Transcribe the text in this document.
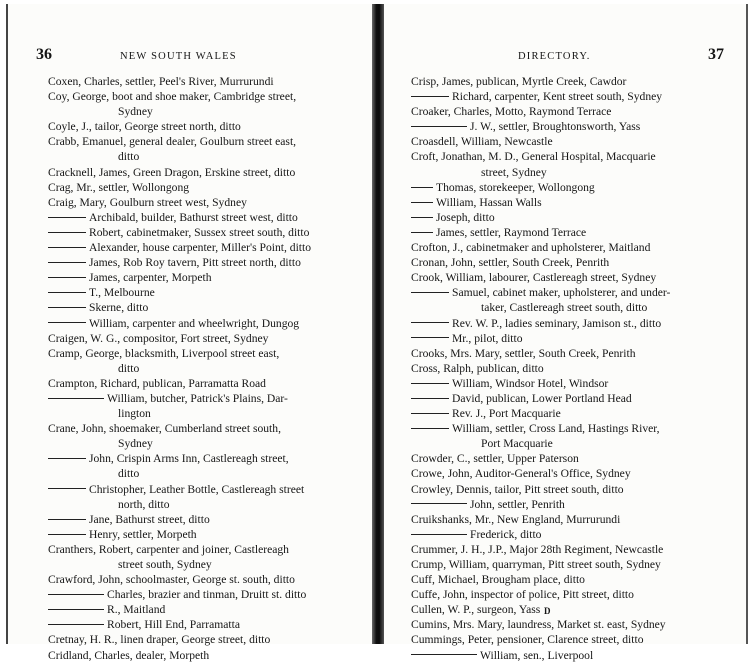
36	NEW SOUTH WALES
Coxen, Charles, settler, Peel's River, Murrurundi
Coy, George, boot and shoe maker, Cambridge street,
Sydney
Coyle, J., tailor, George street north, ditto
Crabb, Emanuel, general dealer, Goulburn street east,
ditto
Cracknell, James, Green Dragon, Erskine street, ditto
Crag, Mr., settler, Wollongong
Craig, Mary, Goulburn street west, Sydney
Archibald, builder, Bathurst street west, ditto
Robert, cabinetmaker, Sussex street south, ditto
Alexander, house carpenter, Miller's Point, ditto
James, Rob Roy tavern, Pitt street north, ditto
James, carpenter, Morpeth
T., Melbourne
Skerne, ditto
William, carpenter and wheelwright, Dungog
Craigen, W. G., compositor, Fort street, Sydney
Cramp, George, blacksmith, Liverpool street east,
ditto
Crampton, Richard, publican, Parramatta Road
William, butcher, Patrick's Plains, Dar-
lington
Crane, John, shoemaker, Cumberland street south,
Sydney
John, Crispin Arms Inn, Castlereagh street,
ditto
Christopher, Leather Bottle, Castlereagh street
north, ditto
Jane, Bathurst street, ditto
Henry, settler, Morpeth
Cranthers, Robert, carpenter and joiner, Castlereagh
street south, Sydney
Crawford, John, schoolmaster, George st. south, ditto
Charles, brazier and tinman, Druitt st. ditto
R., Maitland
Robert, Hill End, Parramatta
Cretnay, H. R., linen draper, George street, ditto
Cridland, Charles, dealer, Morpeth
DIRECTORY.	37
Crisp, James, publican, Myrtle Creek, Cawdor
Richard, carpenter, Kent street south, Sydney
Croaker, Charles, Motto, Raymond Terrace
J. W., settler, Broughtonsworth, Yass
Croasdell, William, Newcastle
Croft, Jonathan, M. D., General Hospital, Macquarie
street, Sydney
Thomas, storekeeper, Wollongong
William, Hassan Walls
Joseph, ditto
James, settler, Raymond Terrace
Crofton, J., cabinetmaker and upholsterer, Maitland
Cronan, John, settler, South Creek, Penrith
Crook, William, labourer, Castlereagh street, Sydney
Samuel, cabinet maker, upholsterer, and under-
taker, Castlereagh street south, ditto
Rev. W. P., ladies seminary, Jamison st., ditto
Mr., pilot, ditto
Crooks, Mrs. Mary, settler, South Creek, Penrith
Cross, Ralph, publican, ditto
William, Windsor Hotel, Windsor
David, publican, Lower Portland Head
Rev. J., Port Macquarie
William, settler, Cross Land, Hastings River,
Port Macquarie
Crowder, C., settler, Upper Paterson
Crowe, John, Auditor-General's Office, Sydney
Crowley, Dennis, tailor, Pitt street south, ditto
John, settler, Penrith
Cruikshanks, Mr., New England, Murrurundi
Frederick, ditto
Crummer, J. H., J.P., Major 28th Regiment, Newcastle
Crump, William, quarryman, Pitt street south, Sydney
Cuff, Michael, Brougham place, ditto
Cuffe, John, inspector of police, Pitt street, ditto
Cullen, W. P., surgeon, Yass
Cumins, Mrs. Mary, laundress, Market st. east, Sydney
Cummings, Peter, pensioner, Clarence street, ditto
William, sen., Liverpool
D
